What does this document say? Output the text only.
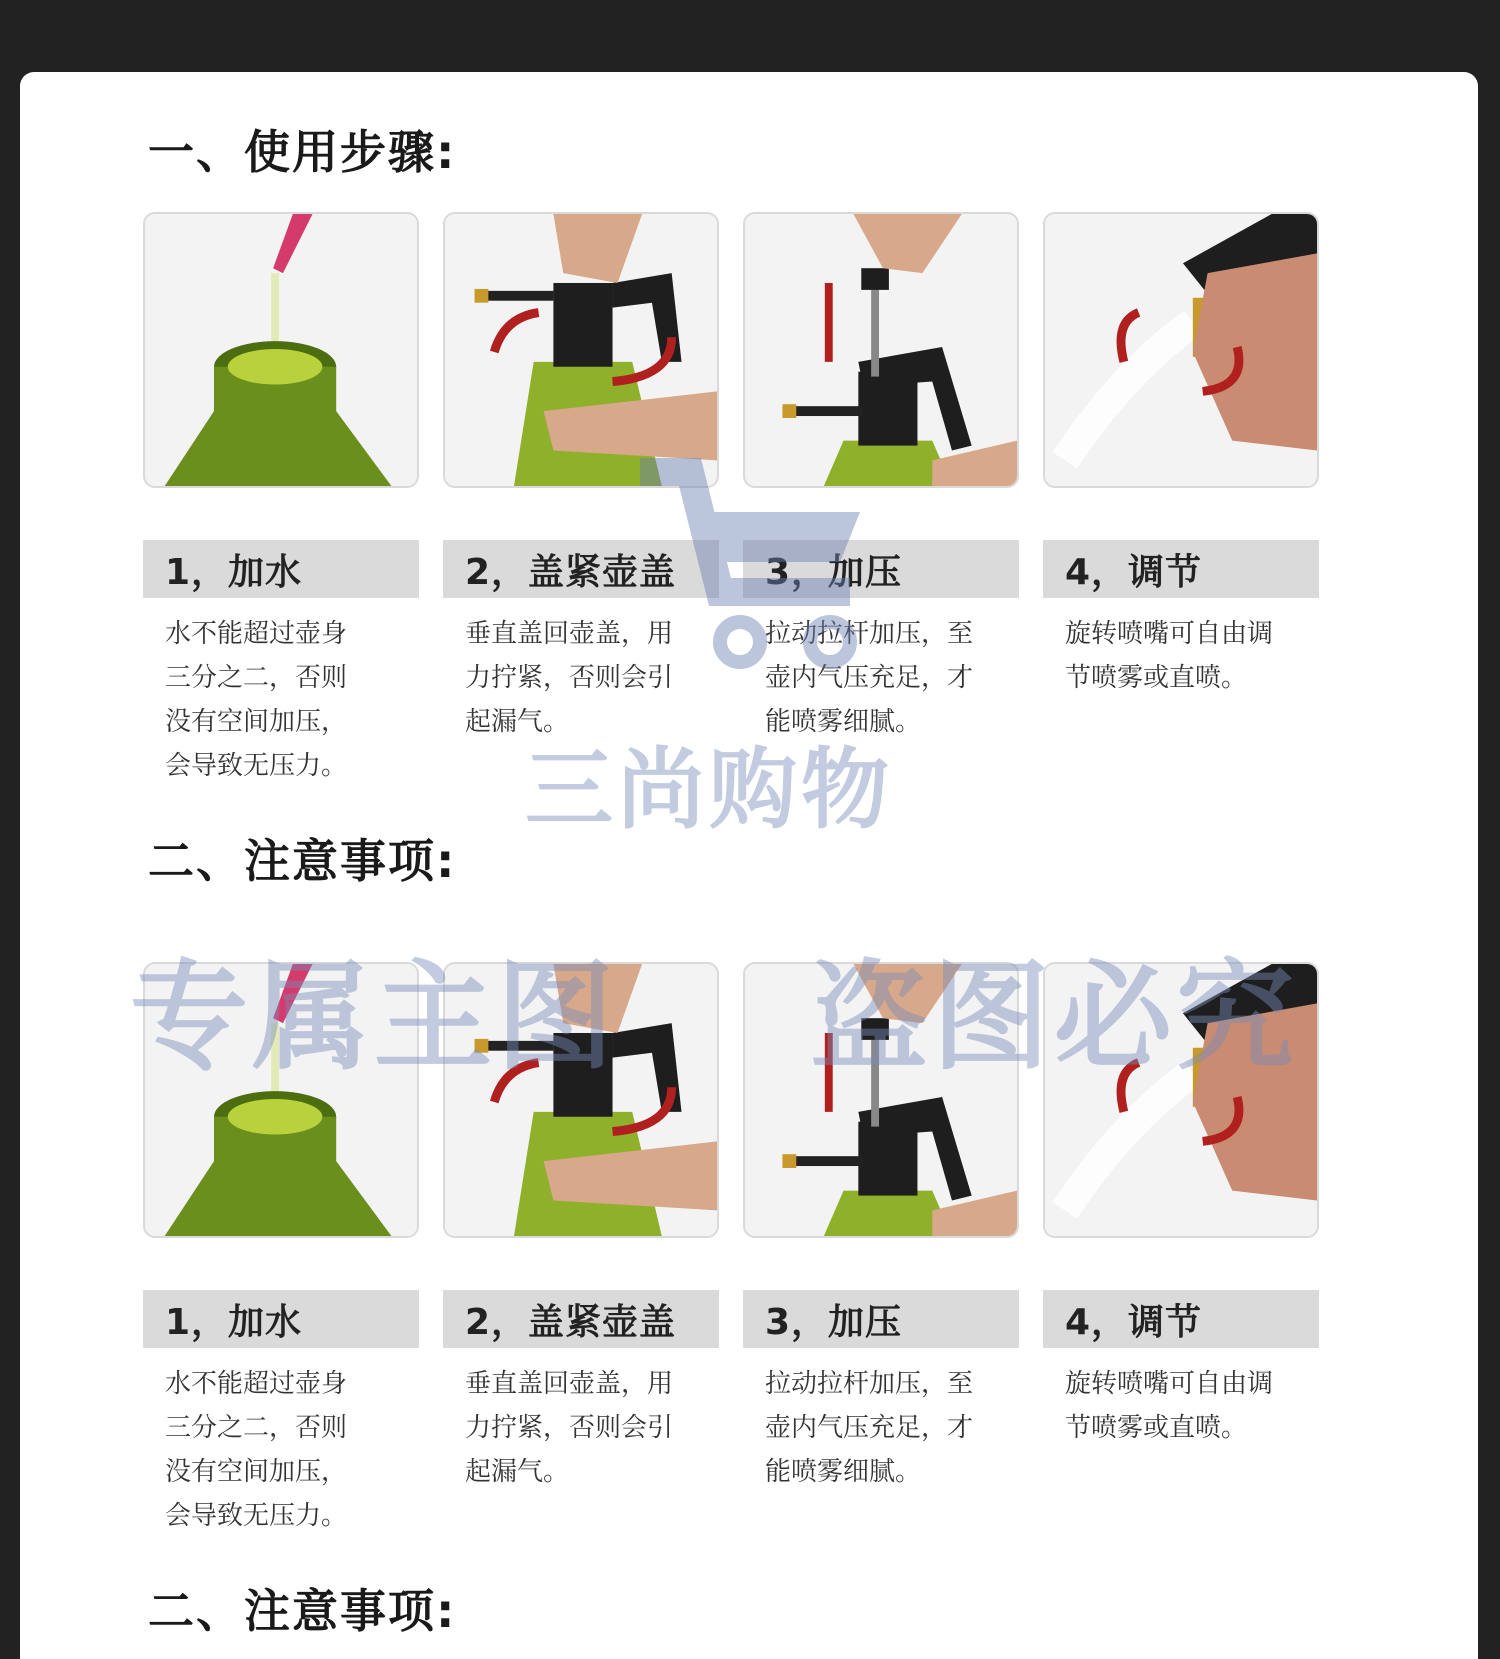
一、使用步骤:
1，加水	2，盖紧壶盖	3，加压	4，调节
水不能超过壶身
三分之二，否则
没有空间加压，
会导致无压力。
垂直盖回壶盖，用
力拧紧，否则会引
起漏气。
拉动拉杆加压，至
壶内气压充足，才
能喷雾细腻。
旋转喷嘴可自由调
节喷雾或直喷。
二、注意事项:
1，加水	2，盖紧壶盖	3，加压	4，调节
水不能超过壶身
三分之二，否则
没有空间加压，
会导致无压力。
垂直盖回壶盖，用
力拧紧，否则会引
起漏气。
拉动拉杆加压，至
壶内气压充足，才
能喷雾细腻。
旋转喷嘴可自由调
节喷雾或直喷。
二、注意事项:
三尚购物
专属主图 盗图必究
